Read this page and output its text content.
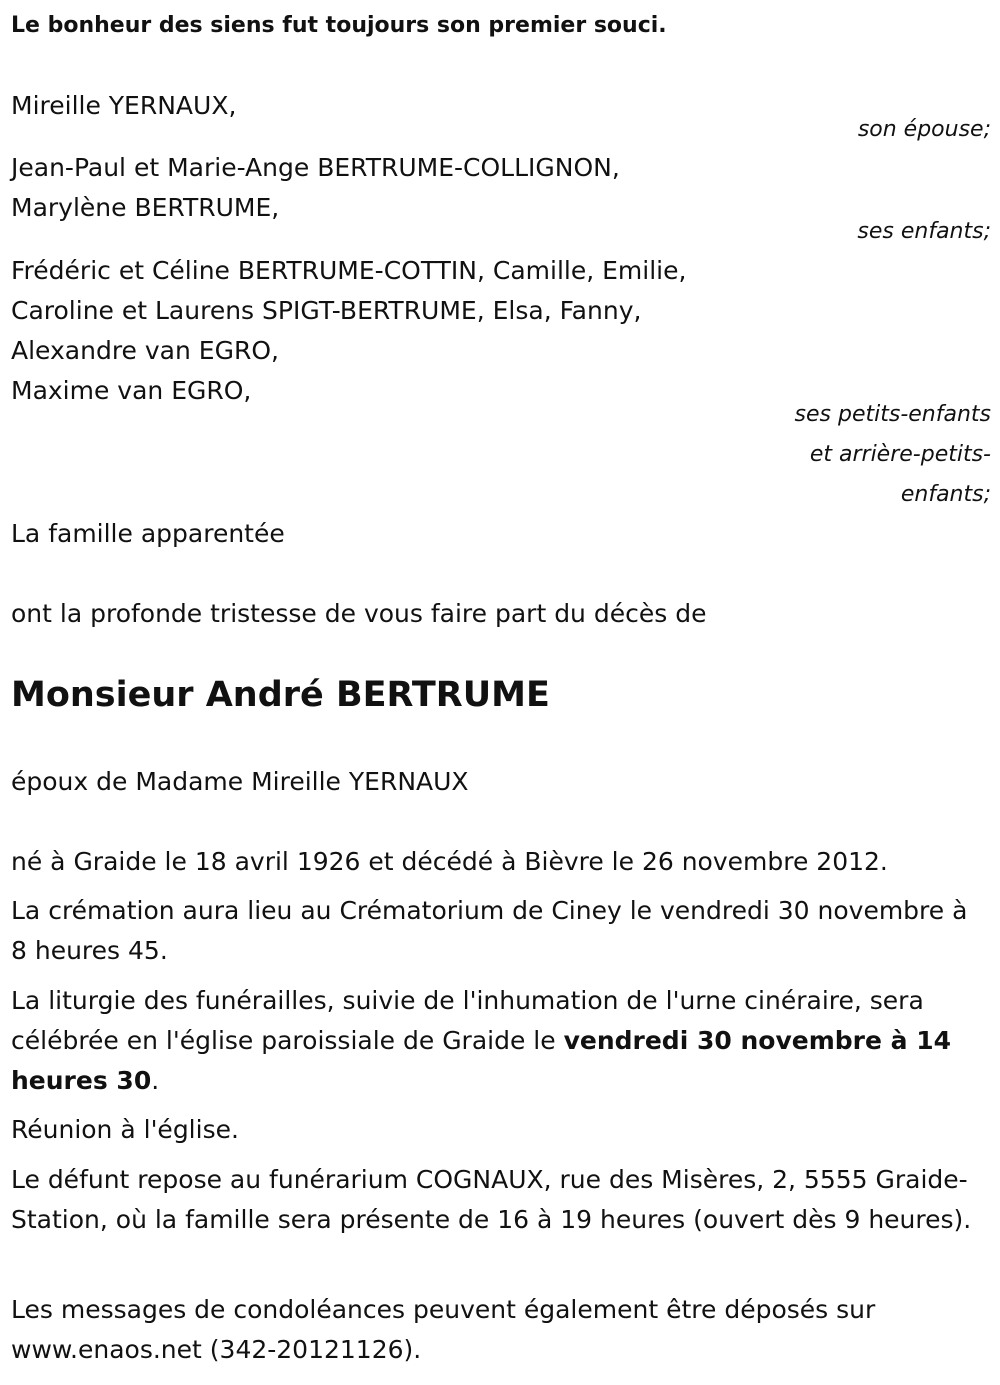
Le bonheur des siens fut toujours son premier souci.
Mireille YERNAUX,
son épouse;
Jean-Paul et Marie-Ange BERTRUME-COLLIGNON,
Marylène BERTRUME,
ses enfants;
Frédéric et Céline BERTRUME-COTTIN, Camille, Emilie,
Caroline et Laurens SPIGT-BERTRUME, Elsa, Fanny,
Alexandre van EGRO,
Maxime van EGRO,
ses petits-enfants
et arrière-petits-
enfants;
La famille apparentée
ont la profonde tristesse de vous faire part du décès de
Monsieur André BERTRUME
époux de Madame Mireille YERNAUX
né à Graide le 18 avril 1926 et décédé à Bièvre le 26 novembre 2012.
La crémation aura lieu au Crématorium de Ciney le vendredi 30 novembre à 8 heures 45.
La liturgie des funérailles, suivie de l'inhumation de l'urne cinéraire, sera célébrée en l'église paroissiale de Graide le vendredi 30 novembre à 14 heures 30.
Réunion à l'église.
Le défunt repose au funérarium COGNAUX, rue des Misères, 2, 5555 Graide-Station, où la famille sera présente de 16 à 19 heures (ouvert dès 9 heures).
Les messages de condoléances peuvent également être déposés sur www.enaos.net (342-20121126).
